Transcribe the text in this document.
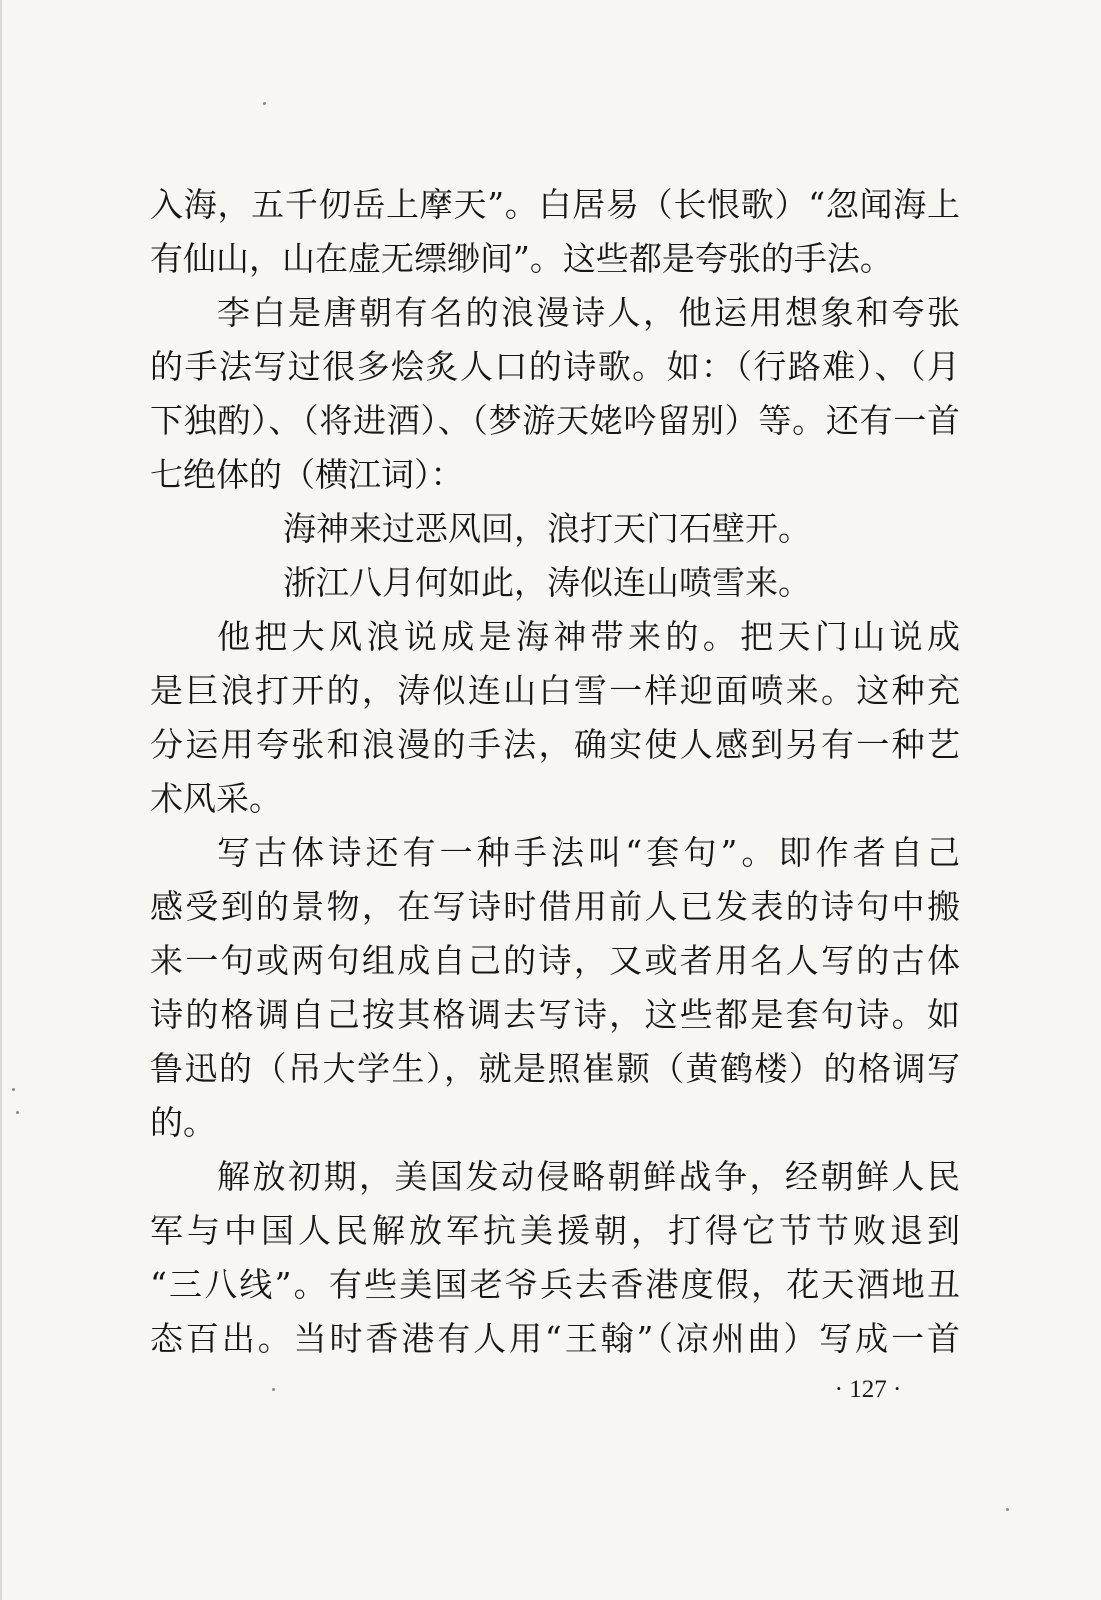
入海，五千仞岳上摩天”。白居易（长恨歌）“忽闻海上
有仙山，山在虚无缥缈间”。这些都是夸张的手法。
李白是唐朝有名的浪漫诗人，他运用想象和夸张
的手法写过很多烩炙人口的诗歌。如：（行路难）、（月
下独酌）、（将进酒）、（梦游天姥吟留别）等。还有一首
七绝体的（横江词）：
海神来过恶风回，浪打天门石壁开。
浙江八月何如此，涛似连山喷雪来。
他把大风浪说成是海神带来的。把天门山说成
是巨浪打开的，涛似连山白雪一样迎面喷来。这种充
分运用夸张和浪漫的手法，确实使人感到另有一种艺
术风采。
写古体诗还有一种手法叫“套句”。即作者自己
感受到的景物，在写诗时借用前人已发表的诗句中搬
来一句或两句组成自己的诗，又或者用名人写的古体
诗的格调自己按其格调去写诗，这些都是套句诗。如
鲁迅的（吊大学生），就是照崔颢（黄鹤楼）的格调写
的。
解放初期，美国发动侵略朝鲜战争，经朝鲜人民
军与中国人民解放军抗美援朝，打得它节节败退到
“三八线”。有些美国老爷兵去香港度假，花天酒地丑
态百出。当时香港有人用“王翰”（凉州曲）写成一首
· 127 ·
